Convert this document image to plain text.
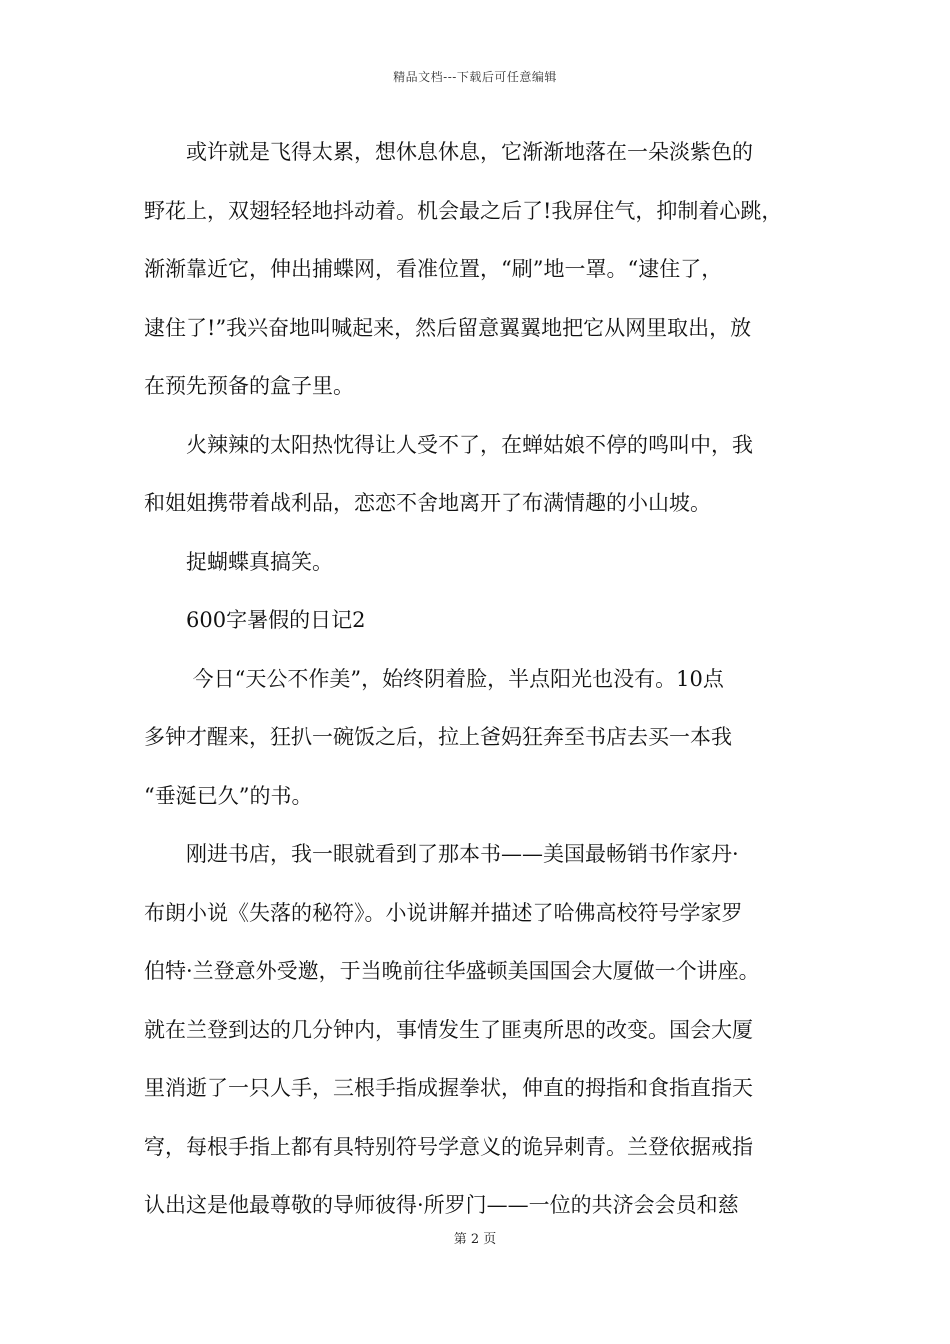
精品文档---下载后可任意编辑
　　或许就是飞得太累，想休息休息，它渐渐地落在一朵淡紫色的
野花上，双翅轻轻地抖动着。机会最之后了!我屏住气，抑制着心跳，
渐渐靠近它，伸出捕蝶网，看准位置，“刷”地一罩。“逮住了，
逮住了!”我兴奋地叫喊起来，然后留意翼翼地把它从网里取出，放
在预先预备的盒子里。
　　火辣辣的太阳热忱得让人受不了，在蝉姑娘不停的鸣叫中，我
和姐姐携带着战利品，恋恋不舍地离开了布满情趣的小山坡。
　　捉蝴蝶真搞笑。
　　600字暑假的日记2
　　 今日“天公不作美”，始终阴着脸，半点阳光也没有。10点
多钟才醒来，狂扒一碗饭之后，拉上爸妈狂奔至书店去买一本我
“垂涎已久”的书。
　　刚进书店，我一眼就看到了那本书——美国最畅销书作家丹·
布朗小说《失落的秘符》。小说讲解并描述了哈佛高校符号学家罗
伯特·兰登意外受邀，于当晚前往华盛顿美国国会大厦做一个讲座。
就在兰登到达的几分钟内，事情发生了匪夷所思的改变。国会大厦
里消逝了一只人手，三根手指成握拳状，伸直的拇指和食指直指天
穹，每根手指上都有具特别符号学意义的诡异刺青。兰登依据戒指
认出这是他最尊敬的导师彼得·所罗门——一位的共济会会员和慈
第 2 页
